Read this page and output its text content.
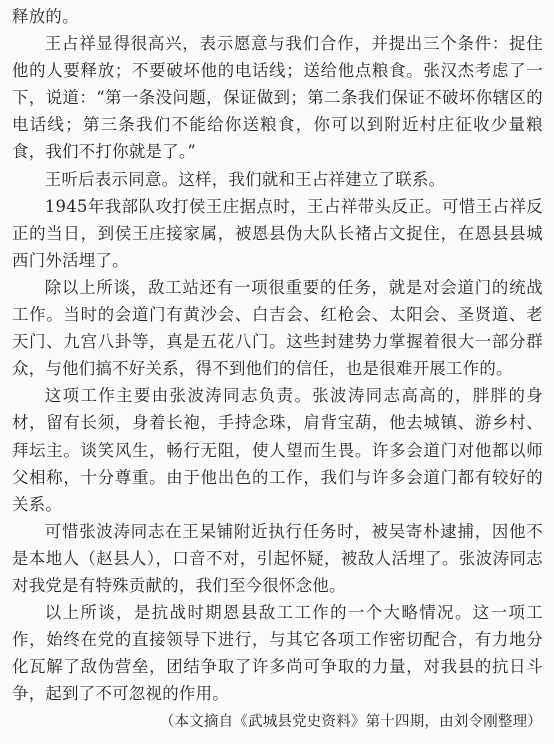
释放的。

王占祥显得很高兴，表示愿意与我们合作，并提出三个条件：捉住他的人要释放；不要破坏他的电话线；送给他点粮食。张汉杰考虑了一下，说道：“第一条没问题，保证做到；第二条我们保证不破坏你辖区的电话线；第三条我们不能给你送粮食，你可以到附近村庄征收少量粮食，我们不打你就是了。”

王听后表示同意。这样，我们就和王占祥建立了联系。

1945年我部队攻打侯王庄据点时，王占祥带头反正。可惜王占祥反正的当日，到侯王庄接家属，被恩县伪大队长褚占文捉住，在恩县县城西门外活埋了。

除以上所谈，敌工站还有一项很重要的任务，就是对会道门的统战工作。当时的会道门有黄沙会、白吉会、红枪会、太阳会、圣贤道、老天门、九宫八卦等，真是五花八门。这些封建势力掌握着很大一部分群众，与他们搞不好关系，得不到他们的信任，也是很难开展工作的。

这项工作主要由张波涛同志负责。张波涛同志高高的，胖胖的身材，留有长须，身着长袍，手持念珠，肩背宝葫，他去城镇、游乡村、拜坛主。谈笑风生，畅行无阻，使人望而生畏。许多会道门对他都以师父相称，十分尊重。由于他出色的工作，我们与许多会道门都有较好的关系。

可惜张波涛同志在王杲铺附近执行任务时，被吴寄朴逮捕，因他不是本地人（赵县人），口音不对，引起怀疑，被敌人活埋了。张波涛同志对我党是有特殊贡献的，我们至今很怀念他。

以上所谈，是抗战时期恩县敌工工作的一个大略情况。这一项工作，始终在党的直接领导下进行，与其它各项工作密切配合，有力地分化瓦解了敌伪营垒，团结争取了许多尚可争取的力量，对我县的抗日斗争，起到了不可忽视的作用。

（本文摘自《武城县党史资料》第十四期，由刘令刚整理）
